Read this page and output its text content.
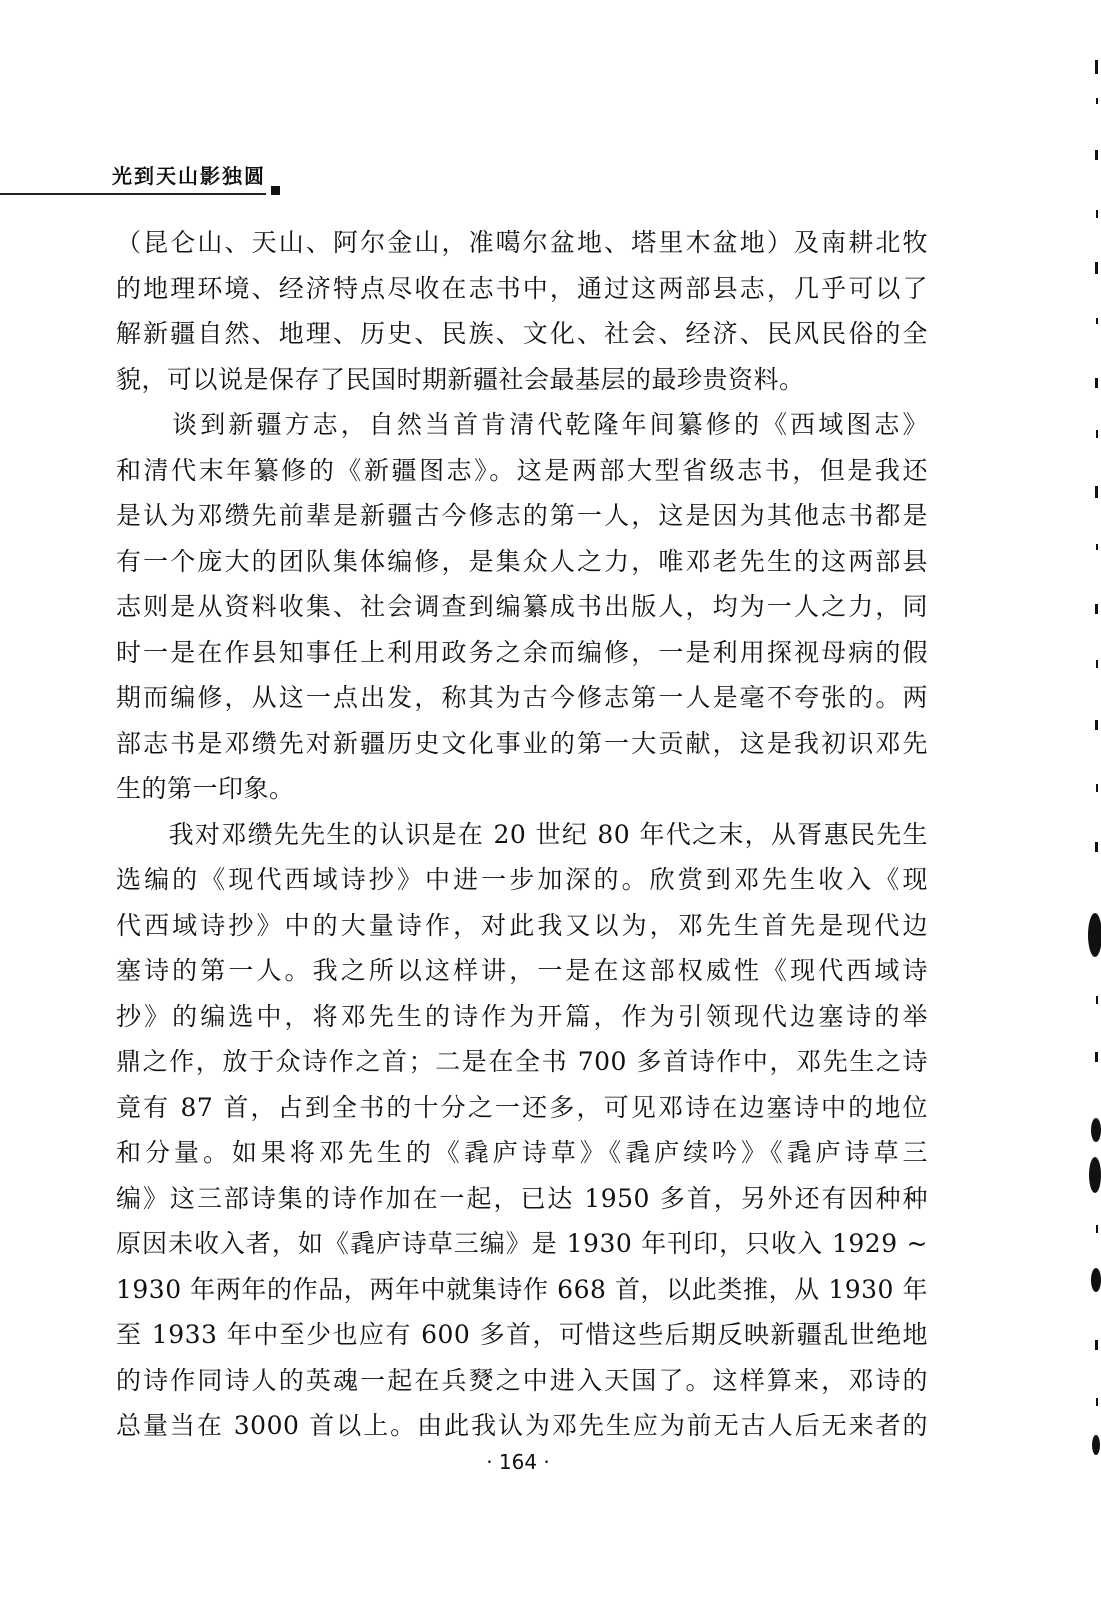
光到天山影独圆
（昆仑山、天山、阿尔金山，准噶尔盆地、塔里木盆地）及南耕北牧
的地理环境、经济特点尽收在志书中，通过这两部县志，几乎可以了
解新疆自然、地理、历史、民族、文化、社会、经济、民风民俗的全
貌，可以说是保存了民国时期新疆社会最基层的最珍贵资料。
　　谈到新疆方志，自然当首肯清代乾隆年间纂修的《西域图志》
和清代末年纂修的《新疆图志》。这是两部大型省级志书，但是我还
是认为邓缵先前辈是新疆古今修志的第一人，这是因为其他志书都是
有一个庞大的团队集体编修，是集众人之力，唯邓老先生的这两部县
志则是从资料收集、社会调查到编纂成书出版人，均为一人之力，同
时一是在作县知事任上利用政务之余而编修，一是利用探视母病的假
期而编修，从这一点出发，称其为古今修志第一人是毫不夸张的。两
部志书是邓缵先对新疆历史文化事业的第一大贡献，这是我初识邓先
生的第一印象。
　　我对邓缵先先生的认识是在 20 世纪 80 年代之末，从胥惠民先生
选编的《现代西域诗抄》中进一步加深的。欣赏到邓先生收入《现
代西域诗抄》中的大量诗作，对此我又以为，邓先生首先是现代边
塞诗的第一人。我之所以这样讲，一是在这部权威性《现代西域诗
抄》的编选中，将邓先生的诗作为开篇，作为引领现代边塞诗的举
鼎之作，放于众诗作之首；二是在全书 700 多首诗作中，邓先生之诗
竟有 87 首，占到全书的十分之一还多，可见邓诗在边塞诗中的地位
和分量。如果将邓先生的《毳庐诗草》《毳庐续吟》《毳庐诗草三
编》这三部诗集的诗作加在一起，已达 1950 多首，另外还有因种种
原因未收入者，如《毳庐诗草三编》是 1930 年刊印，只收入 1929 ~
1930 年两年的作品，两年中就集诗作 668 首，以此类推，从 1930 年
至 1933 年中至少也应有 600 多首，可惜这些后期反映新疆乱世绝地
的诗作同诗人的英魂一起在兵燹之中进入天国了。这样算来，邓诗的
总量当在 3000 首以上。由此我认为邓先生应为前无古人后无来者的
· 164 ·
